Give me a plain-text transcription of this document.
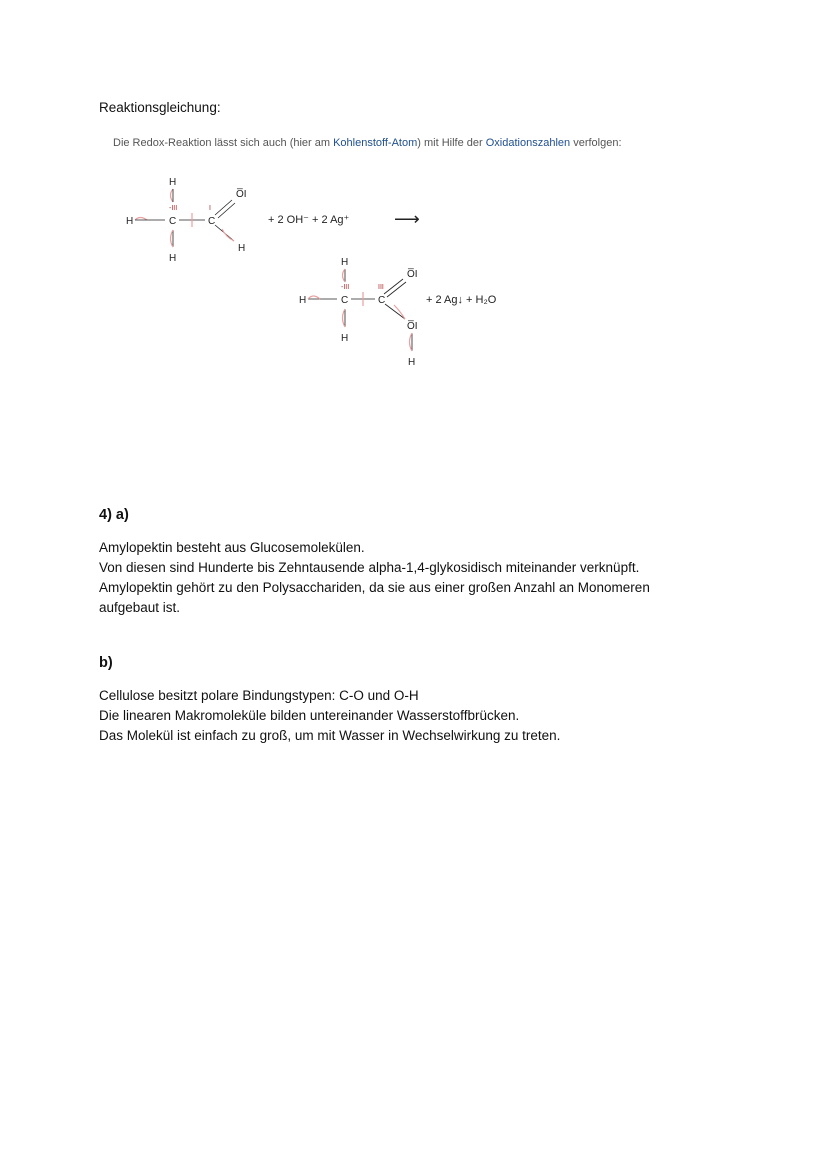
Reaktionsgleichung:
Die Redox-Reaktion lässt sich auch (hier am Kohlenstoff-Atom) mit Hilfe der Oxidationszahlen verfolgen:
H
H	C	C
H
O̅I
H
-III	I
+ 2 OH⁻ + 2 Ag⁺ ⟶
H
H	C	C
H
O̅I
O̅I
H
-III	III
+ 2 Ag↓ + H₂O
4) a)
Amylopektin besteht aus Glucosemolekülen.
Von diesen sind Hunderte bis Zehntausende alpha-1,4-glykosidisch miteinander verknüpft.
Amylopektin gehört zu den Polysacchariden, da sie aus einer großen Anzahl an Monomeren
aufgebaut ist.
b)
Cellulose besitzt polare Bindungstypen: C-O und O-H
Die linearen Makromoleküle bilden untereinander Wasserstoffbrücken.
Das Molekül ist einfach zu groß, um mit Wasser in Wechselwirkung zu treten.
